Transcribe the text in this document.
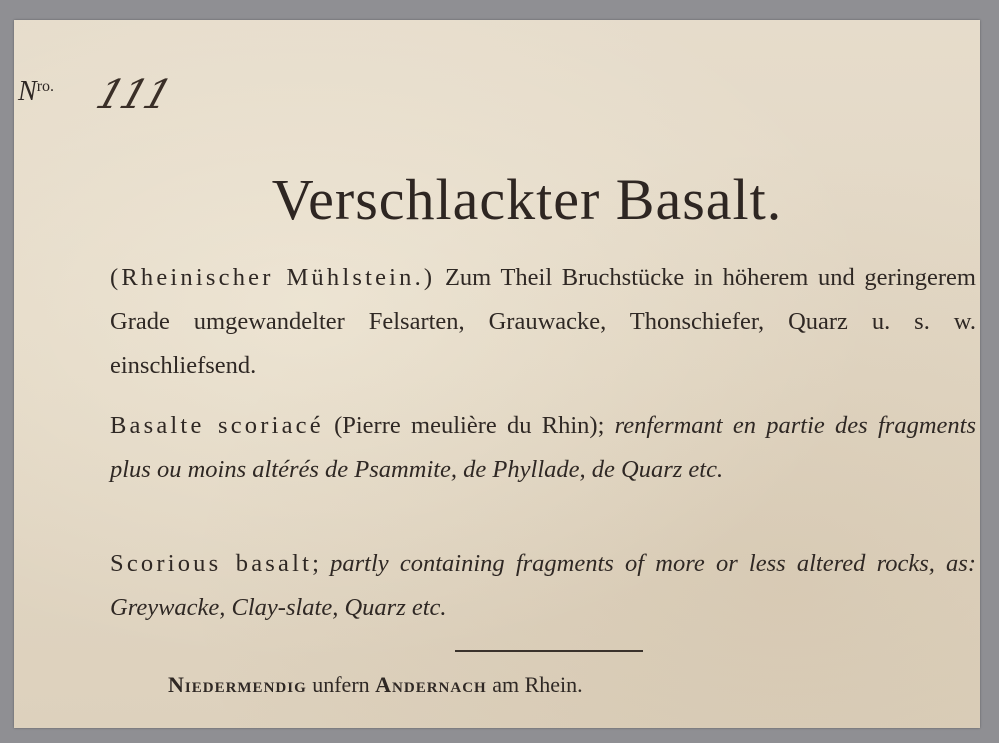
$N^{ro.}$ 111
Verschlackter Basalt.
(Rheinischer Mühlstein.) Zum Theil Bruchstücke in höherem und geringerem Grade umgewandelter Felsarten, Grauwacke, Thonschiefer, Quarz u. s. w. einschliefsend.
Basalte scoriacé (Pierre meulière du Rhin); renfermant en partie des fragments plus ou moins altérés de Psammite, de Phyllade, de Quarz etc.
Scorious basalt; partly containing fragments of more or less altered rocks, as: Greywacke, Clay-slate, Quarz etc.
Niedermendig unfern Andernach am Rhein.
